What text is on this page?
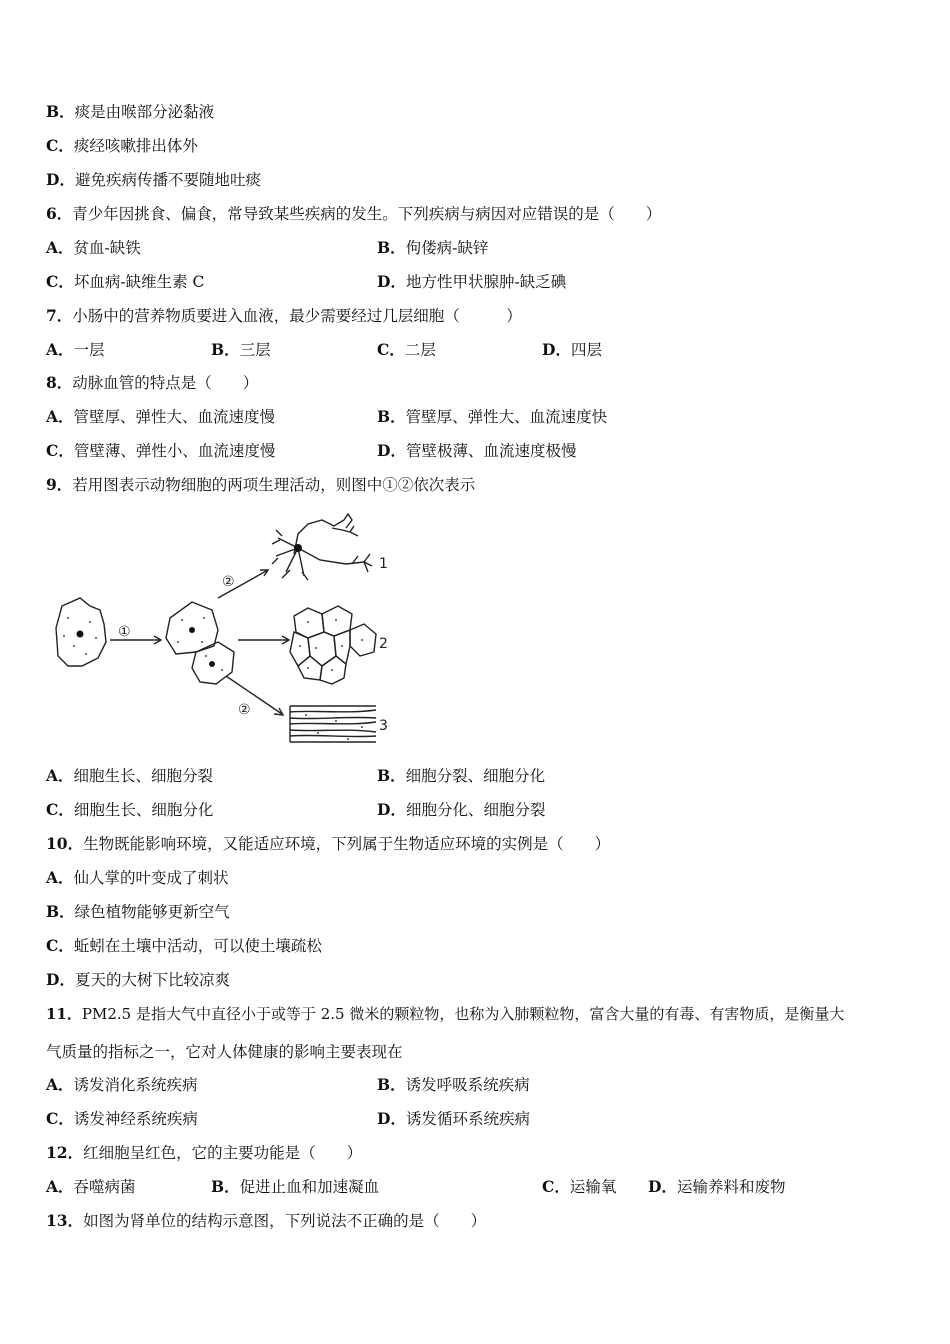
B．痰是由喉部分泌黏液
C．痰经咳嗽排出体外
D．避免疾病传播不要随地吐痰
6．青少年因挑食、偏食，常导致某些疾病的发生。下列疾病与病因对应错误的是（　　）
A．贫血-缺铁	B．佝偻病-缺锌
C．坏血病-缺维生素 C	D．地方性甲状腺肿-缺乏碘
7．小肠中的营养物质要进入血液，最少需要经过几层细胞（　　　）
A．一层	B．三层	C．二层	D．四层
8．动脉血管的特点是（　　）
A．管壁厚、弹性大、血流速度慢	B．管壁厚、弹性大、血流速度快
C．管壁薄、弹性小、血流速度慢	D．管壁极薄、血流速度极慢
9．若用图表示动物细胞的两项生理活动，则图中①②依次表示
①
②
②
1
2
3
A．细胞生长、细胞分裂	B．细胞分裂、细胞分化
C．细胞生长、细胞分化	D．细胞分化、细胞分裂
10．生物既能影响环境，又能适应环境，下列属于生物适应环境的实例是（　　）
A．仙人掌的叶变成了刺状
B．绿色植物能够更新空气
C．蚯蚓在土壤中活动，可以使土壤疏松
D．夏天的大树下比较凉爽
11．PM2.5 是指大气中直径小于或等于 2.5 微米的颗粒物，也称为入肺颗粒物，富含大量的有毒、有害物质，是衡量大
气质量的指标之一，它对人体健康的影响主要表现在
A．诱发消化系统疾病	B．诱发呼吸系统疾病
C．诱发神经系统疾病	D．诱发循环系统疾病
12．红细胞呈红色，它的主要功能是（　　）
A．吞噬病菌	B．促进止血和加速凝血	C．运输氧 D．运输养料和废物
13．如图为肾单位的结构示意图，下列说法不正确的是（　　）
